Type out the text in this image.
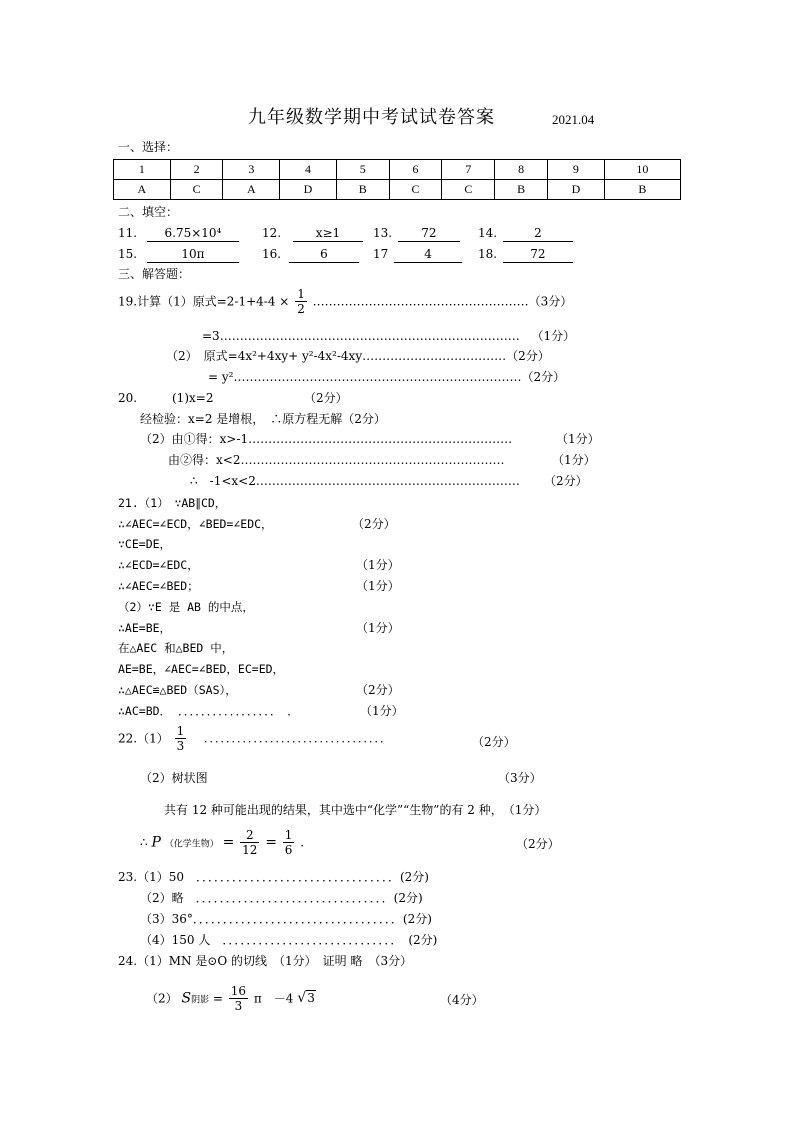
九年级数学期中考试试卷答案	2021.04
一、选择：
1	2	3	4	5	6	7	8	9	10
A	C	A	D	B	C	C	B	D	B
二、填空：
11. 6.75×10⁴	12.	x≥1	13. 72	14.	2
15.	10π	16.	6	17	4	18.	72
三、解答题：
19.计算（1）原式$=2-1+4-4 \times \frac{1}{2}$ ………………………………………………（3分）
=3………………………………………………………………… （1分）
（2）　原式=4x²+4xy+ y²-4x²-4xy………………………………（2分）
= y²………………………………………………………………（2分）
20.	(1)x=2	（2分）
经检验：x=2 是增根，　∴原方程无解（2分）
（2）由①得：x>-1…………………………………………………………	（1分）
由②得：x<2…………………………………………………………	（1分）
∴　-1<x<2………………………………………………………… （2分）
21.（1）　∵AB∥CD，
∴∠AEC=∠ECD，∠BED=∠EDC，	（2分）
∵CE=DE，
∴∠ECD=∠EDC，	（1分）
∴∠AEC=∠BED；	（1分）
（2）∵E 是 AB 的中点，
∴AE=BE，	（1分）
在△AEC 和△BED 中，
AE=BE，∠AEC=∠BED，EC=ED，
∴△AEC≌△BED（SAS），	（2分）
∴AC=BD． ．．．．．．．．．．．．．．．．．　．	（1分）
$22.(1) \frac{1}{3}$ ．．．．．．．．．．．．．．．．．．．．．．．．．．．．．．．．．	（2分）
（2）树状图	（3分）
共有 12 种可能出现的结果，其中选中“化学”“生物”的有 2 种，　（1分）
∴ P （化学生物） = $\frac{2}{12} = \frac{1}{6}$ .	（2分）
23.（1）50　．．．．．．．．．．．．．．．．．．．．．．．．．．．．．．．．．(2分)
（2）略　．．．．．．．．．．．．．．．．．．．．．．．．．．．．．．．．(2分)
（3）36°．．．．．．．．．．．．．．．．．．．．．．．．．．．．．．．．．．(2分)
（4）150 人　．．．．．．．．．．．．．．．．．．．．．．．．．．．．．　(2分)
24.（1）MN 是⊙O 的切线　（1分）　证明 略　（3分）
（2） S阴影 = $\frac{16}{3}$ π　－4 √3	（4分）
